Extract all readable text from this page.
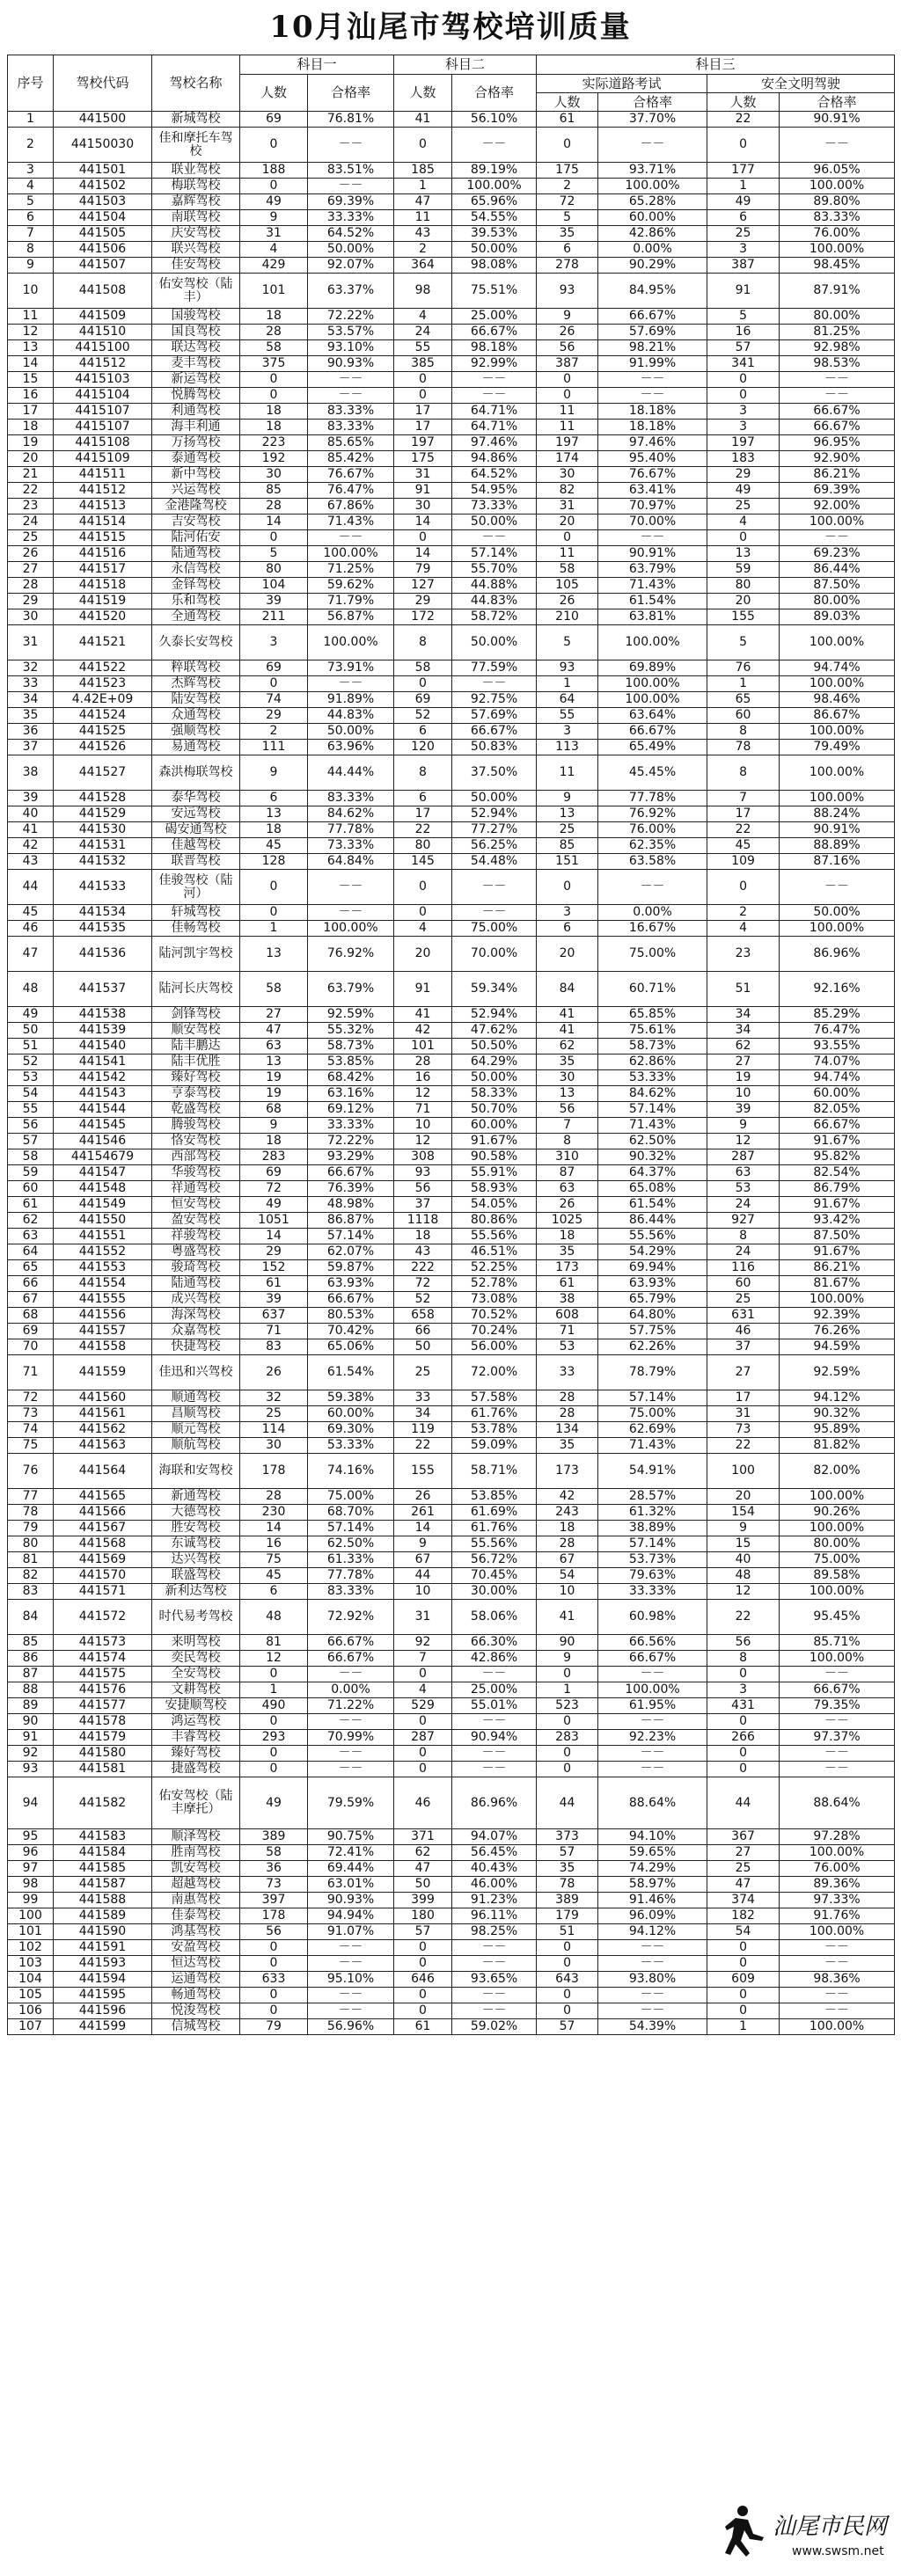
10月汕尾市驾校培训质量
序号	驾校代码	驾校名称	科目一		科目二		科目三			
			人数	合格率	人数	合格率	实际道路考试		安全文明驾驶	
							人数	合格率	人数	合格率
1	441500	新城驾校	69	76.81%	41	56.10%	61	37.70%	22	90.91%
2	44150030	佳和摩托车驾校	0	－－	0	－－	0	－－	0	－－
3	441501	联业驾校	188	83.51%	185	89.19%	175	93.71%	177	96.05%
4	441502	梅联驾校	0	－－	1	100.00%	2	100.00%	1	100.00%
5	441503	嘉辉驾校	49	69.39%	47	65.96%	72	65.28%	49	89.80%
6	441504	南联驾校	9	33.33%	11	54.55%	5	60.00%	6	83.33%
7	441505	庆安驾校	31	64.52%	43	39.53%	35	42.86%	25	76.00%
8	441506	联兴驾校	4	50.00%	2	50.00%	6	0.00%	3	100.00%
9	441507	佳安驾校	429	92.07%	364	98.08%	278	90.29%	387	98.45%
10	441508	佑安驾校（陆丰）	101	63.37%	98	75.51%	93	84.95%	91	87.91%
11	441509	国骏驾校	18	72.22%	4	25.00%	9	66.67%	5	80.00%
12	441510	国良驾校	28	53.57%	24	66.67%	26	57.69%	16	81.25%
13	4415100	联达驾校	58	93.10%	55	98.18%	56	98.21%	57	92.98%
14	441512	麦丰驾校	375	90.93%	385	92.99%	387	91.99%	341	98.53%
15	4415103	新运驾校	0	－－	0	－－	0	－－	0	－－
16	4415104	悦腾驾校	0	－－	0	－－	0	－－	0	－－
17	4415107	利通驾校	18	83.33%	17	64.71%	11	18.18%	3	66.67%
18	4415107	海丰利通	18	83.33%	17	64.71%	11	18.18%	3	66.67%
19	4415108	万扬驾校	223	85.65%	197	97.46%	197	97.46%	197	96.95%
20	4415109	泰通驾校	192	85.42%	175	94.86%	174	95.40%	183	92.90%
21	441511	新中驾校	30	76.67%	31	64.52%	30	76.67%	29	86.21%
22	441512	兴运驾校	85	76.47%	91	54.95%	82	63.41%	49	69.39%
23	441513	金港隆驾校	28	67.86%	30	73.33%	31	70.97%	25	92.00%
24	441514	吉安驾校	14	71.43%	14	50.00%	20	70.00%	4	100.00%
25	441515	陆河佑安	0	－－	0	－－	0	－－	0	－－
26	441516	陆通驾校	5	100.00%	14	57.14%	11	90.91%	13	69.23%
27	441517	永信驾校	80	71.25%	79	55.70%	58	63.79%	59	86.44%
28	441518	金铎驾校	104	59.62%	127	44.88%	105	71.43%	80	87.50%
29	441519	乐和驾校	39	71.79%	29	44.83%	26	61.54%	20	80.00%
30	441520	全通驾校	211	56.87%	172	58.72%	210	63.81%	155	89.03%
31	441521	久泰长安驾校	3	100.00%	8	50.00%	5	100.00%	5	100.00%
32	441522	粹联驾校	69	73.91%	58	77.59%	93	69.89%	76	94.74%
33	441523	杰辉驾校	0	－－	0	－－	1	100.00%	1	100.00%
34	4.42E+09	陆安驾校	74	91.89%	69	92.75%	64	100.00%	65	98.46%
35	441524	众通驾校	29	44.83%	52	57.69%	55	63.64%	60	86.67%
36	441525	强顺驾校	2	50.00%	6	66.67%	3	66.67%	8	100.00%
37	441526	易通驾校	111	63.96%	120	50.83%	113	65.49%	78	79.49%
38	441527	森洪梅联驾校	9	44.44%	8	37.50%	11	45.45%	8	100.00%
39	441528	泰华驾校	6	83.33%	6	50.00%	9	77.78%	7	100.00%
40	441529	安远驾校	13	84.62%	17	52.94%	13	76.92%	17	88.24%
41	441530	碣安通驾校	18	77.78%	22	77.27%	25	76.00%	22	90.91%
42	441531	佳越驾校	45	73.33%	80	56.25%	85	62.35%	45	88.89%
43	441532	联晋驾校	128	64.84%	145	54.48%	151	63.58%	109	87.16%
44	441533	佳骏驾校（陆河）	0	－－	0	－－	0	－－	0	－－
45	441534	轩城驾校	0	－－	0	－－	3	0.00%	2	50.00%
46	441535	佳畅驾校	1	100.00%	4	75.00%	6	16.67%	4	100.00%
47	441536	陆河凯宇驾校	13	76.92%	20	70.00%	20	75.00%	23	86.96%
48	441537	陆河长庆驾校	58	63.79%	91	59.34%	84	60.71%	51	92.16%
49	441538	剑锋驾校	27	92.59%	41	52.94%	41	65.85%	34	85.29%
50	441539	顺安驾校	47	55.32%	42	47.62%	41	75.61%	34	76.47%
51	441540	陆丰鹏达	63	58.73%	101	50.50%	62	58.73%	62	93.55%
52	441541	陆丰优胜	13	53.85%	28	64.29%	35	62.86%	27	74.07%
53	441542	臻好驾校	19	68.42%	16	50.00%	30	53.33%	19	94.74%
54	441543	亨泰驾校	19	63.16%	12	58.33%	13	84.62%	10	60.00%
55	441544	乾盛驾校	68	69.12%	71	50.70%	56	57.14%	39	82.05%
56	441545	腾骏驾校	9	33.33%	10	60.00%	7	71.43%	9	66.67%
57	441546	恪安驾校	18	72.22%	12	91.67%	8	62.50%	12	91.67%
58	44154679	西部驾校	283	93.29%	308	90.58%	310	90.32%	287	95.82%
59	441547	华骏驾校	69	66.67%	93	55.91%	87	64.37%	63	82.54%
60	441548	祥通驾校	72	76.39%	56	58.93%	63	65.08%	53	86.79%
61	441549	恒安驾校	49	48.98%	37	54.05%	26	61.54%	24	91.67%
62	441550	盈安驾校	1051	86.87%	1118	80.86%	1025	86.44%	927	93.42%
63	441551	祥骏驾校	14	57.14%	18	55.56%	18	55.56%	8	87.50%
64	441552	粤盛驾校	29	62.07%	43	46.51%	35	54.29%	24	91.67%
65	441553	骏琦驾校	152	59.87%	222	52.25%	173	69.94%	116	86.21%
66	441554	陆通驾校	61	63.93%	72	52.78%	61	63.93%	60	81.67%
67	441555	成兴驾校	39	66.67%	52	73.08%	38	65.79%	25	100.00%
68	441556	海深驾校	637	80.53%	658	70.52%	608	64.80%	631	92.39%
69	441557	众嘉驾校	71	70.42%	66	70.24%	71	57.75%	46	76.26%
70	441558	快捷驾校	83	65.06%	50	56.00%	53	62.26%	37	94.59%
71	441559	佳迅和兴驾校	26	61.54%	25	72.00%	33	78.79%	27	92.59%
72	441560	顺通驾校	32	59.38%	33	57.58%	28	57.14%	17	94.12%
73	441561	昌顺驾校	25	60.00%	34	61.76%	28	75.00%	31	90.32%
74	441562	顺元驾校	114	69.30%	119	53.78%	134	62.69%	73	95.89%
75	441563	顺航驾校	30	53.33%	22	59.09%	35	71.43%	22	81.82%
76	441564	海联和安驾校	178	74.16%	155	58.71%	173	54.91%	100	82.00%
77	441565	新通驾校	28	75.00%	26	53.85%	42	28.57%	20	100.00%
78	441566	大德驾校	230	68.70%	261	61.69%	243	61.32%	154	90.26%
79	441567	胜安驾校	14	57.14%	14	61.76%	18	38.89%	9	100.00%
80	441568	东诚驾校	16	62.50%	9	55.56%	28	57.14%	15	80.00%
81	441569	达兴驾校	75	61.33%	67	56.72%	67	53.73%	40	75.00%
82	441570	联盛驾校	45	77.78%	44	70.45%	54	79.63%	48	89.58%
83	441571	新利达驾校	6	83.33%	10	30.00%	10	33.33%	12	100.00%
84	441572	时代易考驾校	48	72.92%	31	58.06%	41	60.98%	22	95.45%
85	441573	来明驾校	81	66.67%	92	66.30%	90	66.56%	56	85.71%
86	441574	奕民驾校	12	66.67%	7	42.86%	9	66.67%	8	100.00%
87	441575	全安驾校	0	－－	0	－－	0	－－	0	－－
88	441576	文耕驾校	1	0.00%	4	25.00%	1	100.00%	3	66.67%
89	441577	安捷顺驾校	490	71.22%	529	55.01%	523	61.95%	431	79.35%
90	441578	鸿运驾校	0	－－	0	－－	0	－－	0	－－
91	441579	丰睿驾校	293	70.99%	287	90.94%	283	92.23%	266	97.37%
92	441580	臻好驾校	0	－－	0	－－	0	－－	0	－－
93	441581	捷盛驾校	0	－－	0	－－	0	－－	0	－－
94	441582	佑安驾校（陆丰摩托）	49	79.59%	46	86.96%	44	88.64%	44	88.64%
95	441583	顺泽驾校	389	90.75%	371	94.07%	373	94.10%	367	97.28%
96	441584	胜南驾校	58	72.41%	62	56.45%	57	59.65%	27	100.00%
97	441585	凯安驾校	36	69.44%	47	40.43%	35	74.29%	25	76.00%
98	441587	超越驾校	73	63.01%	50	46.00%	78	58.97%	47	89.36%
99	441588	南惠驾校	397	90.93%	399	91.23%	389	91.46%	374	97.33%
100	441589	佳泰驾校	178	94.94%	180	96.11%	179	96.09%	182	91.76%
101	441590	鸿基驾校	56	91.07%	57	98.25%	51	94.12%	54	100.00%
102	441591	安盈驾校	0	－－	0	－－	0	－－	0	－－
103	441593	恒达驾校	0	－－	0	－－	0	－－	0	－－
104	441594	运通驾校	633	95.10%	646	93.65%	643	93.80%	609	98.36%
105	441595	畅通驾校	0	－－	0	－－	0	－－	0	－－
106	441596	悦浚驾校	0	－－	0	－－	0	－－	0	－－
107	441599	信城驾校	79	56.96%	61	59.02%	57	54.39%	1	100.00%
汕尾市民网
www.swsm.net
